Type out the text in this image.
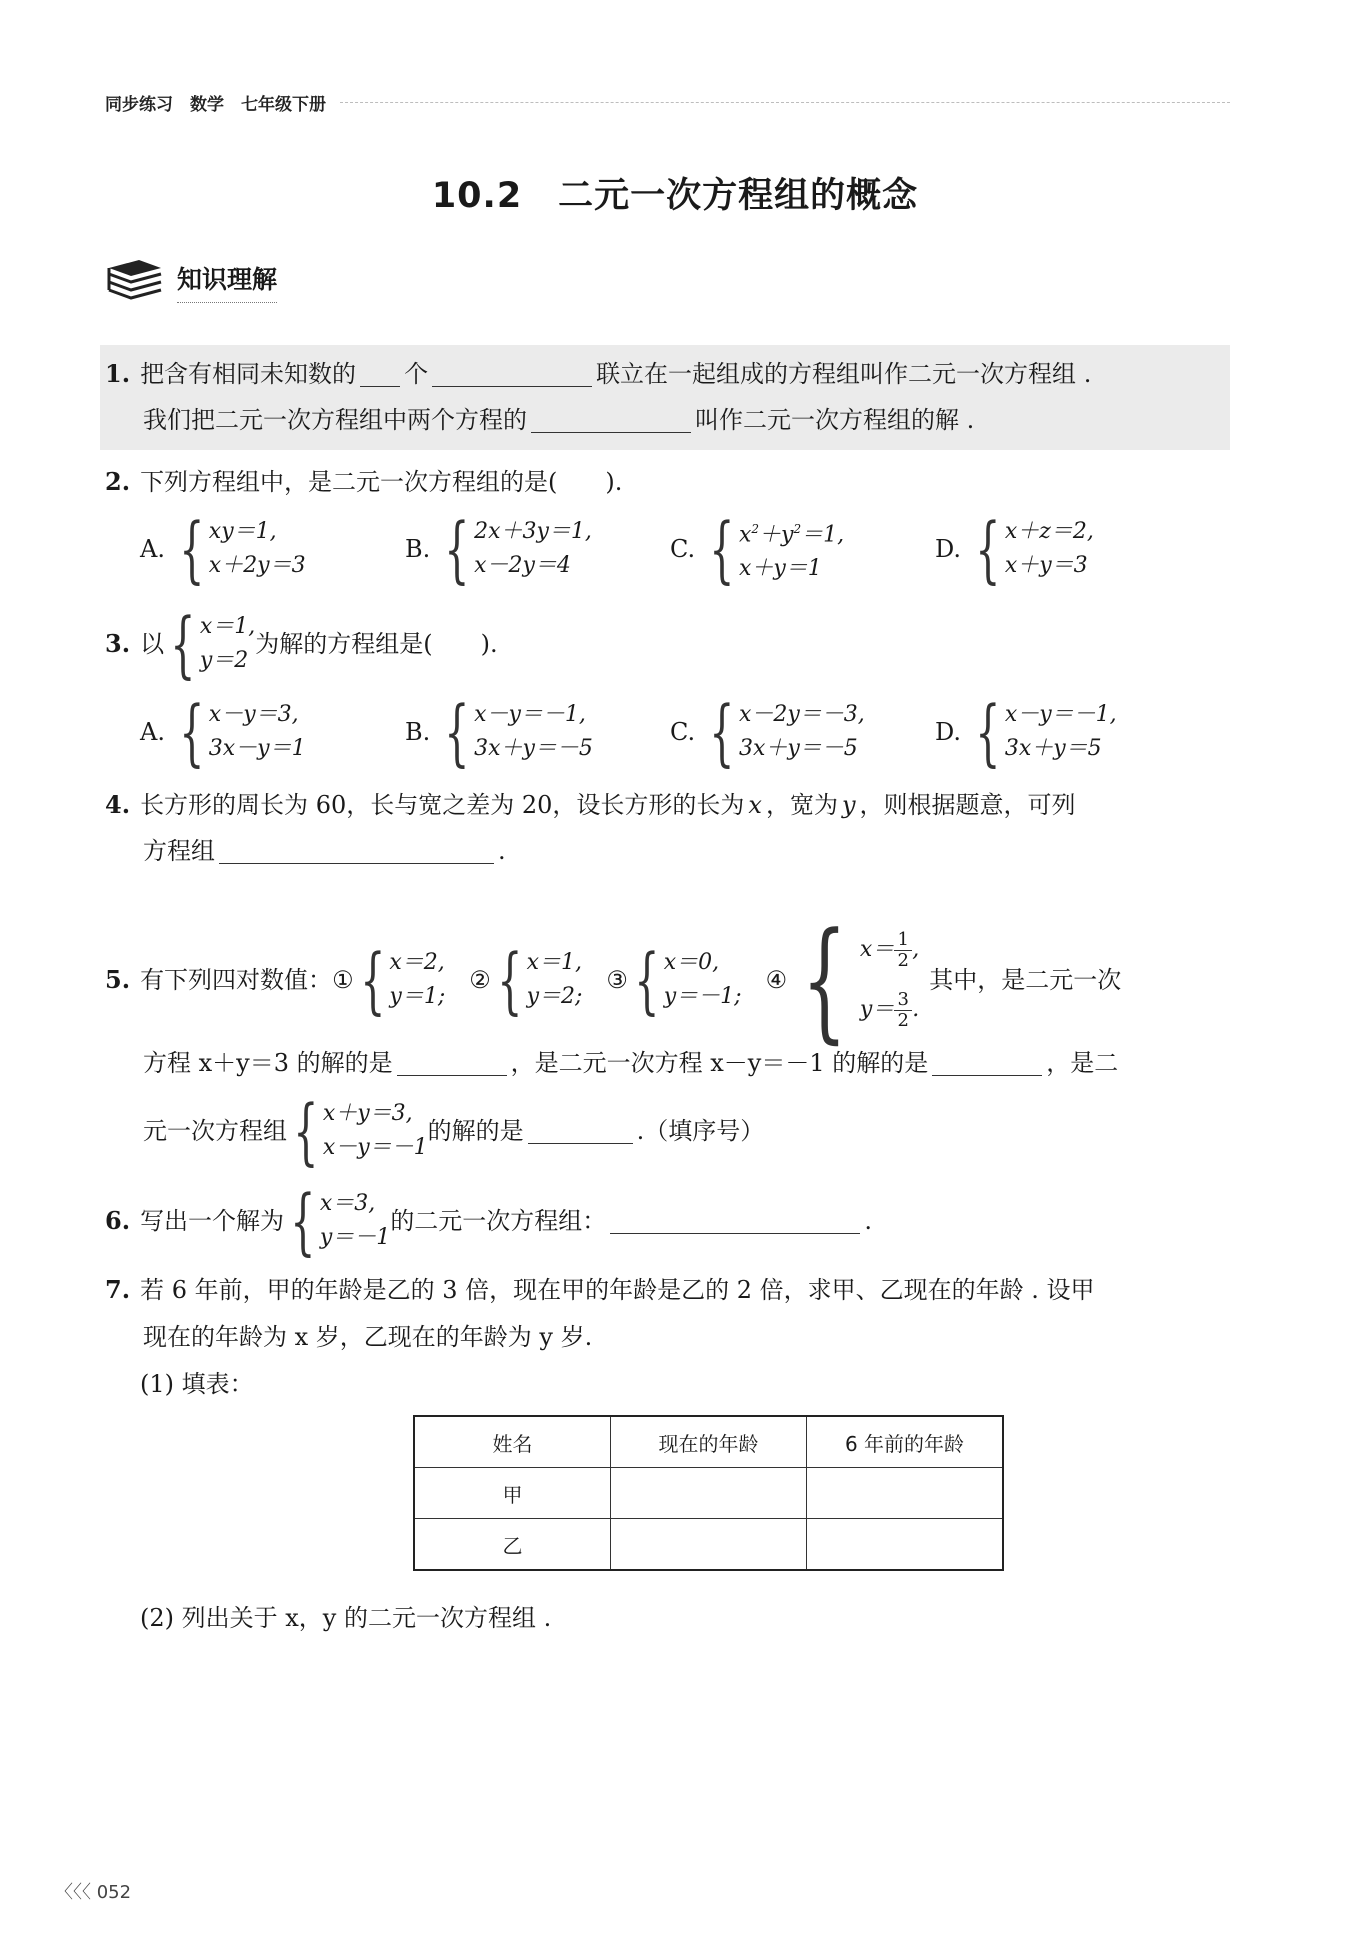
同步练习　数学　七年级下册
10.2　二元一次方程组的概念
知识理解
1. 把含有相同未知数的 个	联立在一起组成的方程组叫作二元一次方程组 .
我们把二元一次方程组中两个方程的	叫作二元一次方程组的解 .
2. 下列方程组中，是二元一次方程组的是(　　).
A. { xy＝1,
x＋2y＝3
B. { 2x＋3y＝1,
x－2y＝4
C. { $x^2+y^2=1$,
x＋y＝1
D. { x＋z＝2,
x＋y＝3
3. 以 { x＝1,
y＝2
为解的方程组是(　　).
A. { x－y＝3,
3x－y＝1
B. { x－y＝－1,
3x＋y＝－5
C. { x－2y＝－3,
3x＋y＝－5
D. { x－y＝－1,
3x＋y＝5
4. 长方形的周长为 60，长与宽之差为 20，设长方形的长为 x ，宽为 y ，则根据题意，可列
方程组	.
5. 有下列四对数值： ① { x＝2,
y＝1;
② { x＝1,
y＝2;
③ { x＝0,
y＝－1;
④ { $x= \frac{1}{2}$ ,
$y= \frac{3}{2}$ .
其中，是二元一次
方程 x＋y＝3 的解的是	，是二元一次方程 x－y＝－1 的解的是	，是二
元一次方程组 { x＋y＝3,
x－y＝－1
的解的是	.（填序号）
6. 写出一个解为 { x＝3,
y＝－1
的二元一次方程组：	.
7. 若 6 年前，甲的年龄是乙的 3 倍，现在甲的年龄是乙的 2 倍，求甲、乙现在的年龄 . 设甲
现在的年龄为 x 岁，乙现在的年龄为 y 岁.
(1) 填表：
姓名	现在的年龄	6 年前的年龄
甲		
乙		
(2) 列出关于 x，y 的二元一次方程组 .
〈〈〈 052
